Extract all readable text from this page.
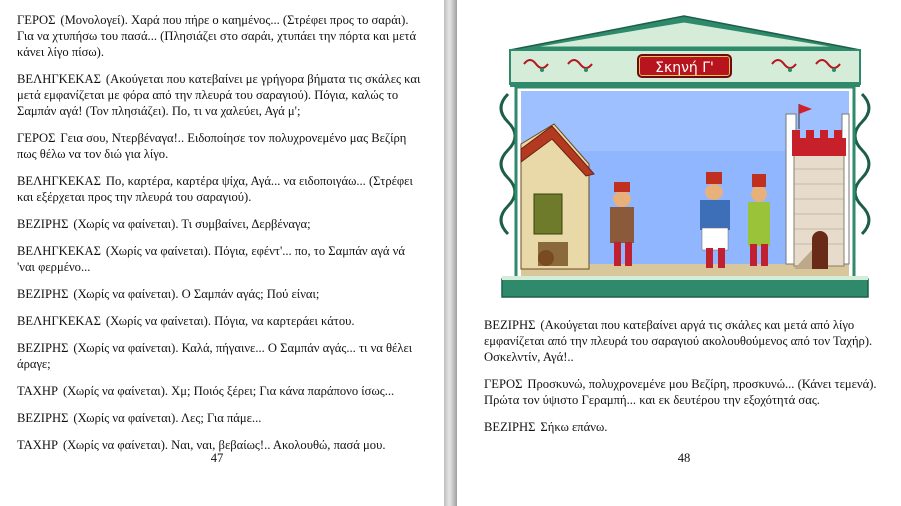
ΓΕΡΟΣ (Μονολογεί). Χαρά που πήρε ο καημένος... (Στρέφει προς το σαράι). Για να χτυπήσω του πασά... (Πλησιάζει στο σαράι, χτυπάει την πόρτα και μετά κάνει λίγο πίσω).

ΒΕΛΗΓΚΕΚΑΣ (Ακούγεται που κατεβαίνει με γρήγορα βήματα τις σκάλες και μετά εμφανίζεται με φόρα από την πλευρά του σαραγιού). Πόγια, καλώς το Σαμπάν αγά! (Τον πλησιάζει). Πο, τι να χαλεύει, Αγά μ';

ΓΕΡΟΣ Γεια σου, Ντερβέναγα!.. Ειδοποίησε τον πολυχρονεμένο μας Βεζίρη πως θέλω να τον διώ για λίγο.

ΒΕΛΗΓΚΕΚΑΣ Πο, καρτέρα, καρτέρα ψίχα, Αγά... να ειδοποιγάω... (Στρέφει και εξέρχεται προς την πλευρά του σαραγιού).

ΒΕΖΙΡΗΣ (Χωρίς να φαίνεται). Τι συμβαίνει, Δερβέναγα;

ΒΕΛΗΓΚΕΚΑΣ (Χωρίς να φαίνεται). Πόγια, εφέντ'... πο, το Σαμπάν αγά νά 'ναι φερμένο...

ΒΕΖΙΡΗΣ (Χωρίς να φαίνεται). Ο Σαμπάν αγάς; Πού είναι;

ΒΕΛΗΓΚΕΚΑΣ (Χωρίς να φαίνεται). Πόγια, να καρτεράει κάτου.

ΒΕΖΙΡΗΣ (Χωρίς να φαίνεται). Καλά, πήγαινε... Ο Σαμπάν αγάς... τι να θέλει άραγε;

ΤΑΧΗΡ (Χωρίς να φαίνεται). Χμ; Ποιός ξέρει; Για κάνα παράπονο ίσως...

ΒΕΖΙΡΗΣ (Χωρίς να φαίνεται). Λες; Για πάμε...

ΤΑΧΗΡ (Χωρίς να φαίνεται). Ναι, ναι, βεβαίως!.. Ακολουθώ, πασά μου.

47
Σκηνή Γ'

ΒΕΖΙΡΗΣ (Ακούγεται που κατεβαίνει αργά τις σκάλες και μετά από λίγο εμφανίζεται από την πλευρά του σαραγιού ακολουθούμενος από τον Ταχήρ). Οσκελντίν, Αγά!..

ΓΕΡΟΣ Προσκυνώ, πολυχρονεμένε μου Βεζίρη, προσκυνώ... (Κάνει τεμενά). Πρώτα τον ύψιστο Γεραμπή... και εκ δευτέρου την εξοχότητά σας.

ΒΕΖΙΡΗΣ Σήκω επάνω.

48
